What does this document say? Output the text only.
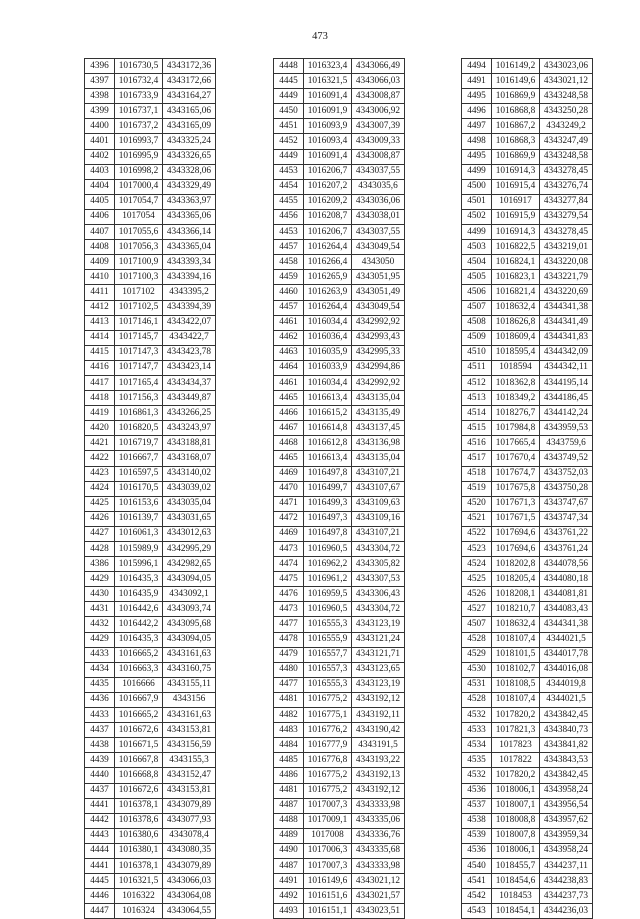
473
4396	1016730,5	4343172,36
4397	1016732,4	4343172,66
4398	1016733,9	4343164,27
4399	1016737,1	4343165,06
4400	1016737,2	4343165,09
4401	1016993,7	4343325,24
4402	1016995,9	4343326,65
4403	1016998,2	4343328,06
4404	1017000,4	4343329,49
4405	1017054,7	4343363,97
4406	1017054	4343365,06
4407	1017055,6	4343366,14
4408	1017056,3	4343365,04
4409	1017100,9	4343393,34
4410	1017100,3	4343394,16
4411	1017102	4343395,2
4412	1017102,5	4343394,39
4413	1017146,1	4343422,07
4414	1017145,7	4343422,7
4415	1017147,3	4343423,78
4416	1017147,7	4343423,14
4417	1017165,4	4343434,37
4418	1017156,3	4343449,87
4419	1016861,3	4343266,25
4420	1016820,5	4343243,97
4421	1016719,7	4343188,81
4422	1016667,7	4343168,07
4423	1016597,5	4343140,02
4424	1016170,5	4343039,02
4425	1016153,6	4343035,04
4426	1016139,7	4343031,65
4427	1016061,3	4343012,63
4428	1015989,9	4342995,29
4386	1015996,1	4342982,65
4429	1016435,3	4343094,05
4430	1016435,9	4343092,1
4431	1016442,6	4343093,74
4432	1016442,2	4343095,68
4429	1016435,3	4343094,05
4433	1016665,2	4343161,63
4434	1016663,3	4343160,75
4435	1016666	4343155,11
4436	1016667,9	4343156
4433	1016665,2	4343161,63
4437	1016672,6	4343153,81
4438	1016671,5	4343156,59
4439	1016667,8	4343155,3
4440	1016668,8	4343152,47
4437	1016672,6	4343153,81
4441	1016378,1	4343079,89
4442	1016378,6	4343077,93
4443	1016380,6	4343078,4
4444	1016380,1	4343080,35
4441	1016378,1	4343079,89
4445	1016321,5	4343066,03
4446	1016322	4343064,08
4447	1016324	4343064,55
4448	1016323,4	4343066,49
4445	1016321,5	4343066,03
4449	1016091,4	4343008,87
4450	1016091,9	4343006,92
4451	1016093,9	4343007,39
4452	1016093,4	4343009,33
4449	1016091,4	4343008,87
4453	1016206,7	4343037,55
4454	1016207,2	4343035,6
4455	1016209,2	4343036,06
4456	1016208,7	4343038,01
4453	1016206,7	4343037,55
4457	1016264,4	4343049,54
4458	1016266,4	4343050
4459	1016265,9	4343051,95
4460	1016263,9	4343051,49
4457	1016264,4	4343049,54
4461	1016034,4	4342992,92
4462	1016036,4	4342993,43
4463	1016035,9	4342995,33
4464	1016033,9	4342994,86
4461	1016034,4	4342992,92
4465	1016613,4	4343135,04
4466	1016615,2	4343135,49
4467	1016614,8	4343137,45
4468	1016612,8	4343136,98
4465	1016613,4	4343135,04
4469	1016497,8	4343107,21
4470	1016499,7	4343107,67
4471	1016499,3	4343109,63
4472	1016497,3	4343109,16
4469	1016497,8	4343107,21
4473	1016960,5	4343304,72
4474	1016962,2	4343305,82
4475	1016961,2	4343307,53
4476	1016959,5	4343306,43
4473	1016960,5	4343304,72
4477	1016555,3	4343123,19
4478	1016555,9	4343121,24
4479	1016557,7	4343121,71
4480	1016557,3	4343123,65
4477	1016555,3	4343123,19
4481	1016775,2	4343192,12
4482	1016775,1	4343192,11
4483	1016776,2	4343190,42
4484	1016777,9	4343191,5
4485	1016776,8	4343193,22
4486	1016775,2	4343192,13
4481	1016775,2	4343192,12
4487	1017007,3	4343333,98
4488	1017009,1	4343335,06
4489	1017008	4343336,76
4490	1017006,3	4343335,68
4487	1017007,3	4343333,98
4491	1016149,6	4343021,12
4492	1016151,6	4343021,57
4493	1016151,1	4343023,51
4494	1016149,2	4343023,06
4491	1016149,6	4343021,12
4495	1016869,9	4343248,58
4496	1016868,8	4343250,28
4497	1016867,2	4343249,2
4498	1016868,3	4343247,49
4495	1016869,9	4343248,58
4499	1016914,3	4343278,45
4500	1016915,4	4343276,74
4501	1016917	4343277,84
4502	1016915,9	4343279,54
4499	1016914,3	4343278,45
4503	1016822,5	4343219,01
4504	1016824,1	4343220,08
4505	1016823,1	4343221,79
4506	1016821,4	4343220,69
4507	1018632,4	4344341,38
4508	1018626,8	4344341,49
4509	1018609,4	4344341,83
4510	1018595,4	4344342,09
4511	1018594	4344342,11
4512	1018362,8	4344195,14
4513	1018349,2	4344186,45
4514	1018276,7	4344142,24
4515	1017984,8	4343959,53
4516	1017665,4	4343759,6
4517	1017670,4	4343749,52
4518	1017674,7	4343752,03
4519	1017675,8	4343750,28
4520	1017671,3	4343747,67
4521	1017671,5	4343747,34
4522	1017694,6	4343761,22
4523	1017694,6	4343761,24
4524	1018202,8	4344078,56
4525	1018205,4	4344080,18
4526	1018208,1	4344081,81
4527	1018210,7	4344083,43
4507	1018632,4	4344341,38
4528	1018107,4	4344021,5
4529	1018101,5	4344017,78
4530	1018102,7	4344016,08
4531	1018108,5	4344019,8
4528	1018107,4	4344021,5
4532	1017820,2	4343842,45
4533	1017821,3	4343840,73
4534	1017823	4343841,82
4535	1017822	4343843,53
4532	1017820,2	4343842,45
4536	1018006,1	4343958,24
4537	1018007,1	4343956,54
4538	1018008,8	4343957,62
4539	1018007,8	4343959,34
4536	1018006,1	4343958,24
4540	1018455,7	4344237,11
4541	1018454,6	4344238,83
4542	1018453	4344237,73
4543	1018454,1	4344236,03
